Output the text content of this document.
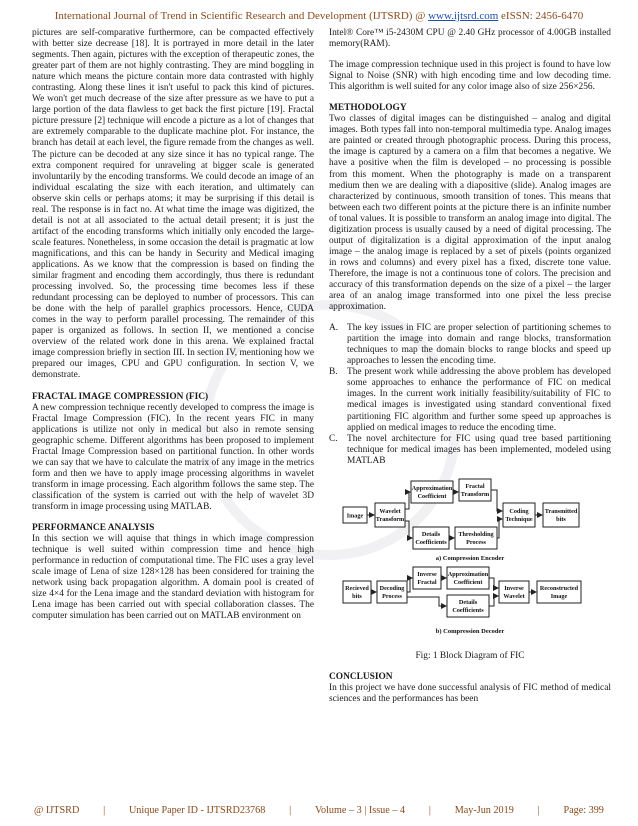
International Journal of Trend in Scientific Research and Development (IJTSRD) @ www.ijtsrd.com eISSN: 2456-6470

pictures are self-comparative furthermore, can be compacted effectively with better size decrease [18]. It is portrayed in more detail in the later segments. Then again, pictures with the exception of therapeutic zones, the greater part of them are not highly contrasting. They are mind boggling in nature which means the picture contain more data contrasted with highly contrasting. Along these lines it isn't useful to pack this kind of pictures. We won't get much decrease of the size after pressure as we have to put a large portion of the data flawless to get back the first picture [19]. Fractal picture pressure [2] technique will encode a picture as a lot of changes that are extremely comparable to the duplicate machine plot. For instance, the branch has detail at each level, the figure remade from the changes as well. The picture can be decoded at any size since it has no typical range. The extra component required for unraveling at bigger scale is generated involuntarily by the encoding transforms. We could decode an image of an individual escalating the size with each iteration, and ultimately can observe skin cells or perhaps atoms; it may be surprising if this detail is real. The response is in fact no. At what time the image was digitized, the detail is not at all associated to the actual detail present; it is just the artifact of the encoding transforms which initially only encoded the large- scale features. Nonetheless, in some occasion the detail is pragmatic at low magnifications, and this can be handy in Security and Medical imaging applications. As we know that the compression is based on finding the similar fragment and encoding them accordingly, thus there is redundant processing involved. So, the processing time becomes less if these redundant processing can be deployed to number of processors. This can be done with the help of parallel graphics processors. Hence, CUDA comes in the way to perform parallel processing. The remainder of this paper is organized as follows. In section II, we mentioned a concise overview of the related work done in this arena. We explained fractal image compression briefly in section III. In section IV, mentioning how we prepared our images, CPU and GPU configuration. In section V, we demonstrate.

FRACTAL IMAGE COMPRESSION (FIC)

A new compression technique recently developed to compress the image is Fractal Image Compression (FIC). In the recent years FIC in many applications is utilize not only in medical but also in remote sensing geographic scheme. Different algorithms has been proposed to implement Fractal Image Compression based on partitional function. In other words we can say that we have to calculate the matrix of any image in the metrics form and then we have to apply image processing algorithms in wavelet transform in image processing. Each algorithm follows the same step. The classification of the system is carried out with the help of wavelet 3D transform in image processing using MATLAB.

PERFORMANCE ANALYSIS

In this section we will aquise that things in which image compression technique is well suited within compression time and hence high performance in reduction of computational time. The FIC uses a gray level scale image of Lena of size 128×128 has been considered for training the network using back propagation algorithm. A domain pool is created of size 4×4 for the Lena image and the standard deviation with histogram for Lena image has been carried out with special collaboration classes. The computer simulation has been carried out on MATLAB environment on

Intel® Core™ i5-2430M CPU @ 2.40 GHz processor of 4.00GB installed memory(RAM).

The image compression technique used in this project is found to have low Signal to Noise (SNR) with high encoding time and low decoding time. This algorithm is well suited for any color image also of size 256×256.

METHODOLOGY

Two classes of digital images can be distinguished – analog and digital images. Both types fall into non-temporal multimedia type. Analog images are painted or created through photographic process. During this process, the image is captured by a camera on a film that becomes a negative. We have a positive when the film is developed – no processing is possible from this moment. When the photography is made on a transparent medium then we are dealing with a diapositive (slide). Analog images are characterized by continuous, smooth transition of tones. This means that between each two different points at the picture there is an infinite number of tonal values. It is possible to transform an analog image into digital. The digitization process is usually caused by a need of digital processing. The output of digitalization is a digital approximation of the input analog image – the analog image is replaced by a set of pixels (points organized in rows and columns) and every pixel has a fixed, discrete tone value. Therefore, the image is not a continuous tone of colors. The precision and accuracy of this transformation depends on the size of a pixel – the larger area of an analog image transformed into one pixel the less precise approximation.

A. The key issues in FIC are proper selection of partitioning schemes to partition the image into domain and range blocks, transformation techniques to map the domain blocks to range blocks and speed up approaches to lessen the encoding time.
B. The present work while addressing the above problem has developed some approaches to enhance the performance of FIC on medical images. In the current work initially feasibility/suitability of FIC to medical images is investigated using standard conventional fixed partitioning FIC algorithm and further some speed up approaches is applied on medical images to reduce the encoding time.
C. The novel architecture for FIC using quad tree based partitioning technique for medical images has been implemented, modeled using MATLAB
Image
Wavelet
Transform
Approximation
Coefficient
Fractal
Transform
Details
Coefficients
Thresholding
Process
Coding
Technique
Transmitted
bits
a) Compression Encoder
Recieved
bits
Decoding
Process
Inverse
Fractal
Approximation
Coefficient
Details
Coefficients
Inverse
Wavelet
Reconstructed
Image
b) Compression Decoder
Fig: 1 Block Diagram of FIC
CONCLUSION

In this project we have done successful analysis of FIC method of medical sciences and the performances has been

@ IJTSRD | Unique Paper ID - IJTSRD23768 | Volume – 3 | Issue – 4 | May-Jun 2019 | Page: 399
